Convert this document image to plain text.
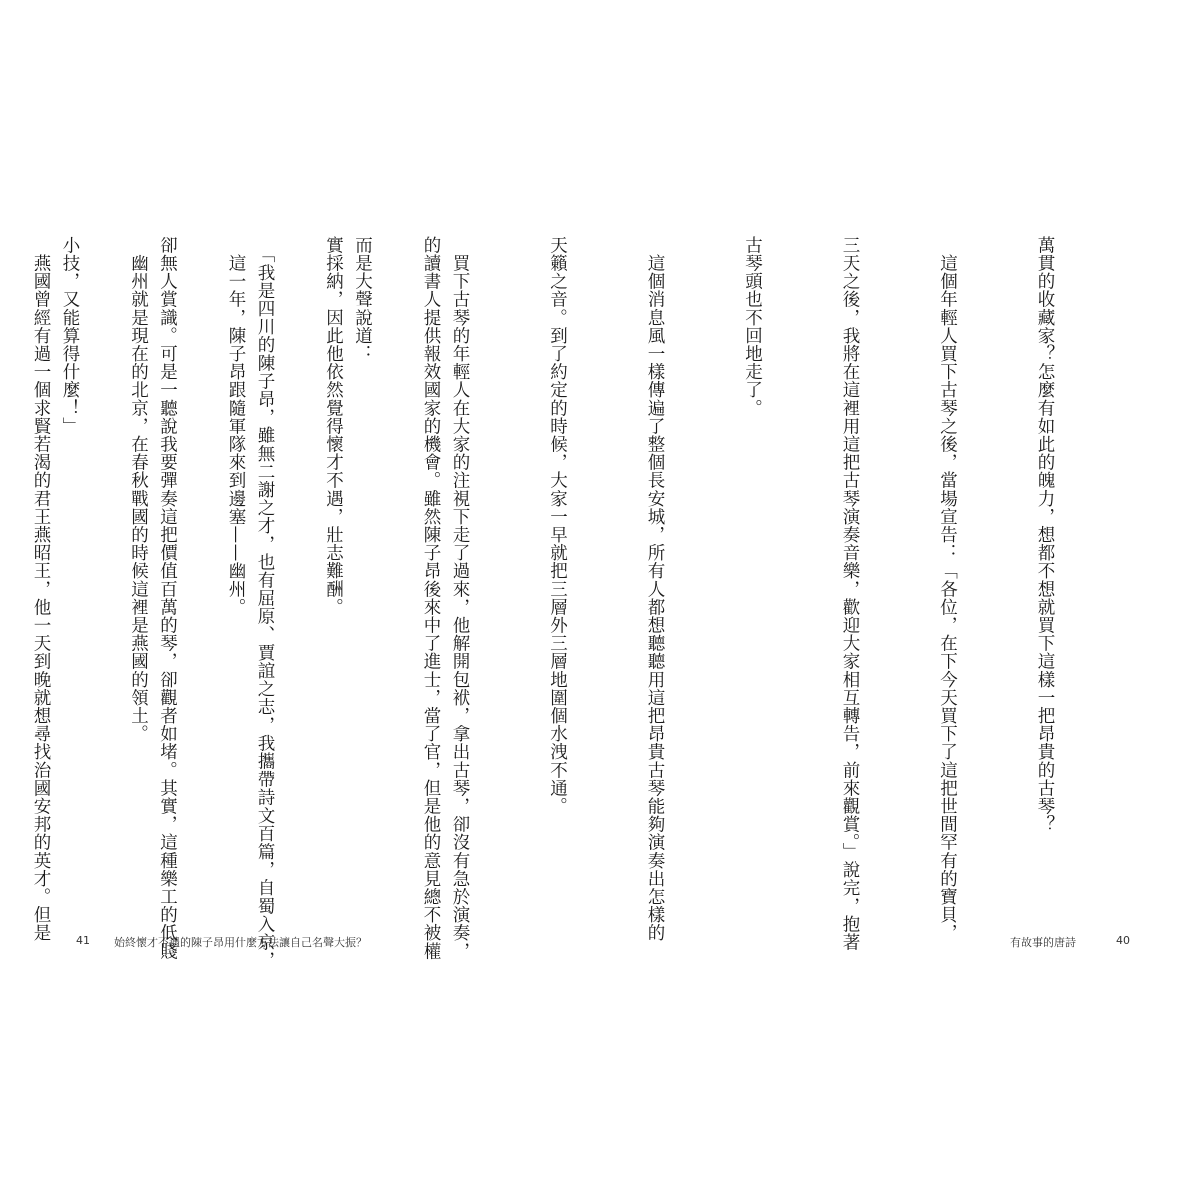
的讀書人提供報效國家的機會。雖然陳子昂後來中了進士，當了官，但是他的意見總不被權

實採納，因此他依然覺得懷才不遇，壯志難酬。

　這一年，陳子昂跟隨軍隊來到邊塞——幽州。

　幽州就是現在的北京，在春秋戰國的時候這裡是燕國的領土。

　燕國曾經有過一個求賢若渴的君王燕昭王，他一天到晚就想尋找治國安邦的英才。但是

	41 始終懷才不遇的陳子昂用什麼方法讓自己名聲大振？

萬貫的收藏家？怎麼有如此的魄力，想都不想就買下這樣一把昂貴的古琴？

　這個年輕人買下古琴之後，當場宣告：「各位，在下今天買下了這把世間罕有的寶貝，

三天之後，我將在這裡用這把古琴演奏音樂，歡迎大家相互轉告，前來觀賞。」說完，抱著

古琴頭也不回地走了。

　這個消息風一樣傳遍了整個長安城，所有人都想聽聽用這把昂貴古琴能夠演奏出怎樣的

天籟之音。到了約定的時候，大家一早就把三層外三層地圍個水洩不通。

　買下古琴的年輕人在大家的注視下走了過來，他解開包袱，拿出古琴，卻沒有急於演奏，

而是大聲說道：

　「我是四川的陳子昂，雖無二謝之才，也有屈原、賈誼之志，我攜帶詩文百篇，自蜀入京，

卻無人賞識。可是一聽說我要彈奏這把價值百萬的琴，卻觀者如堵。其實，這種樂工的低賤

小技，又能算得什麼！」

有故事的唐詩	40
